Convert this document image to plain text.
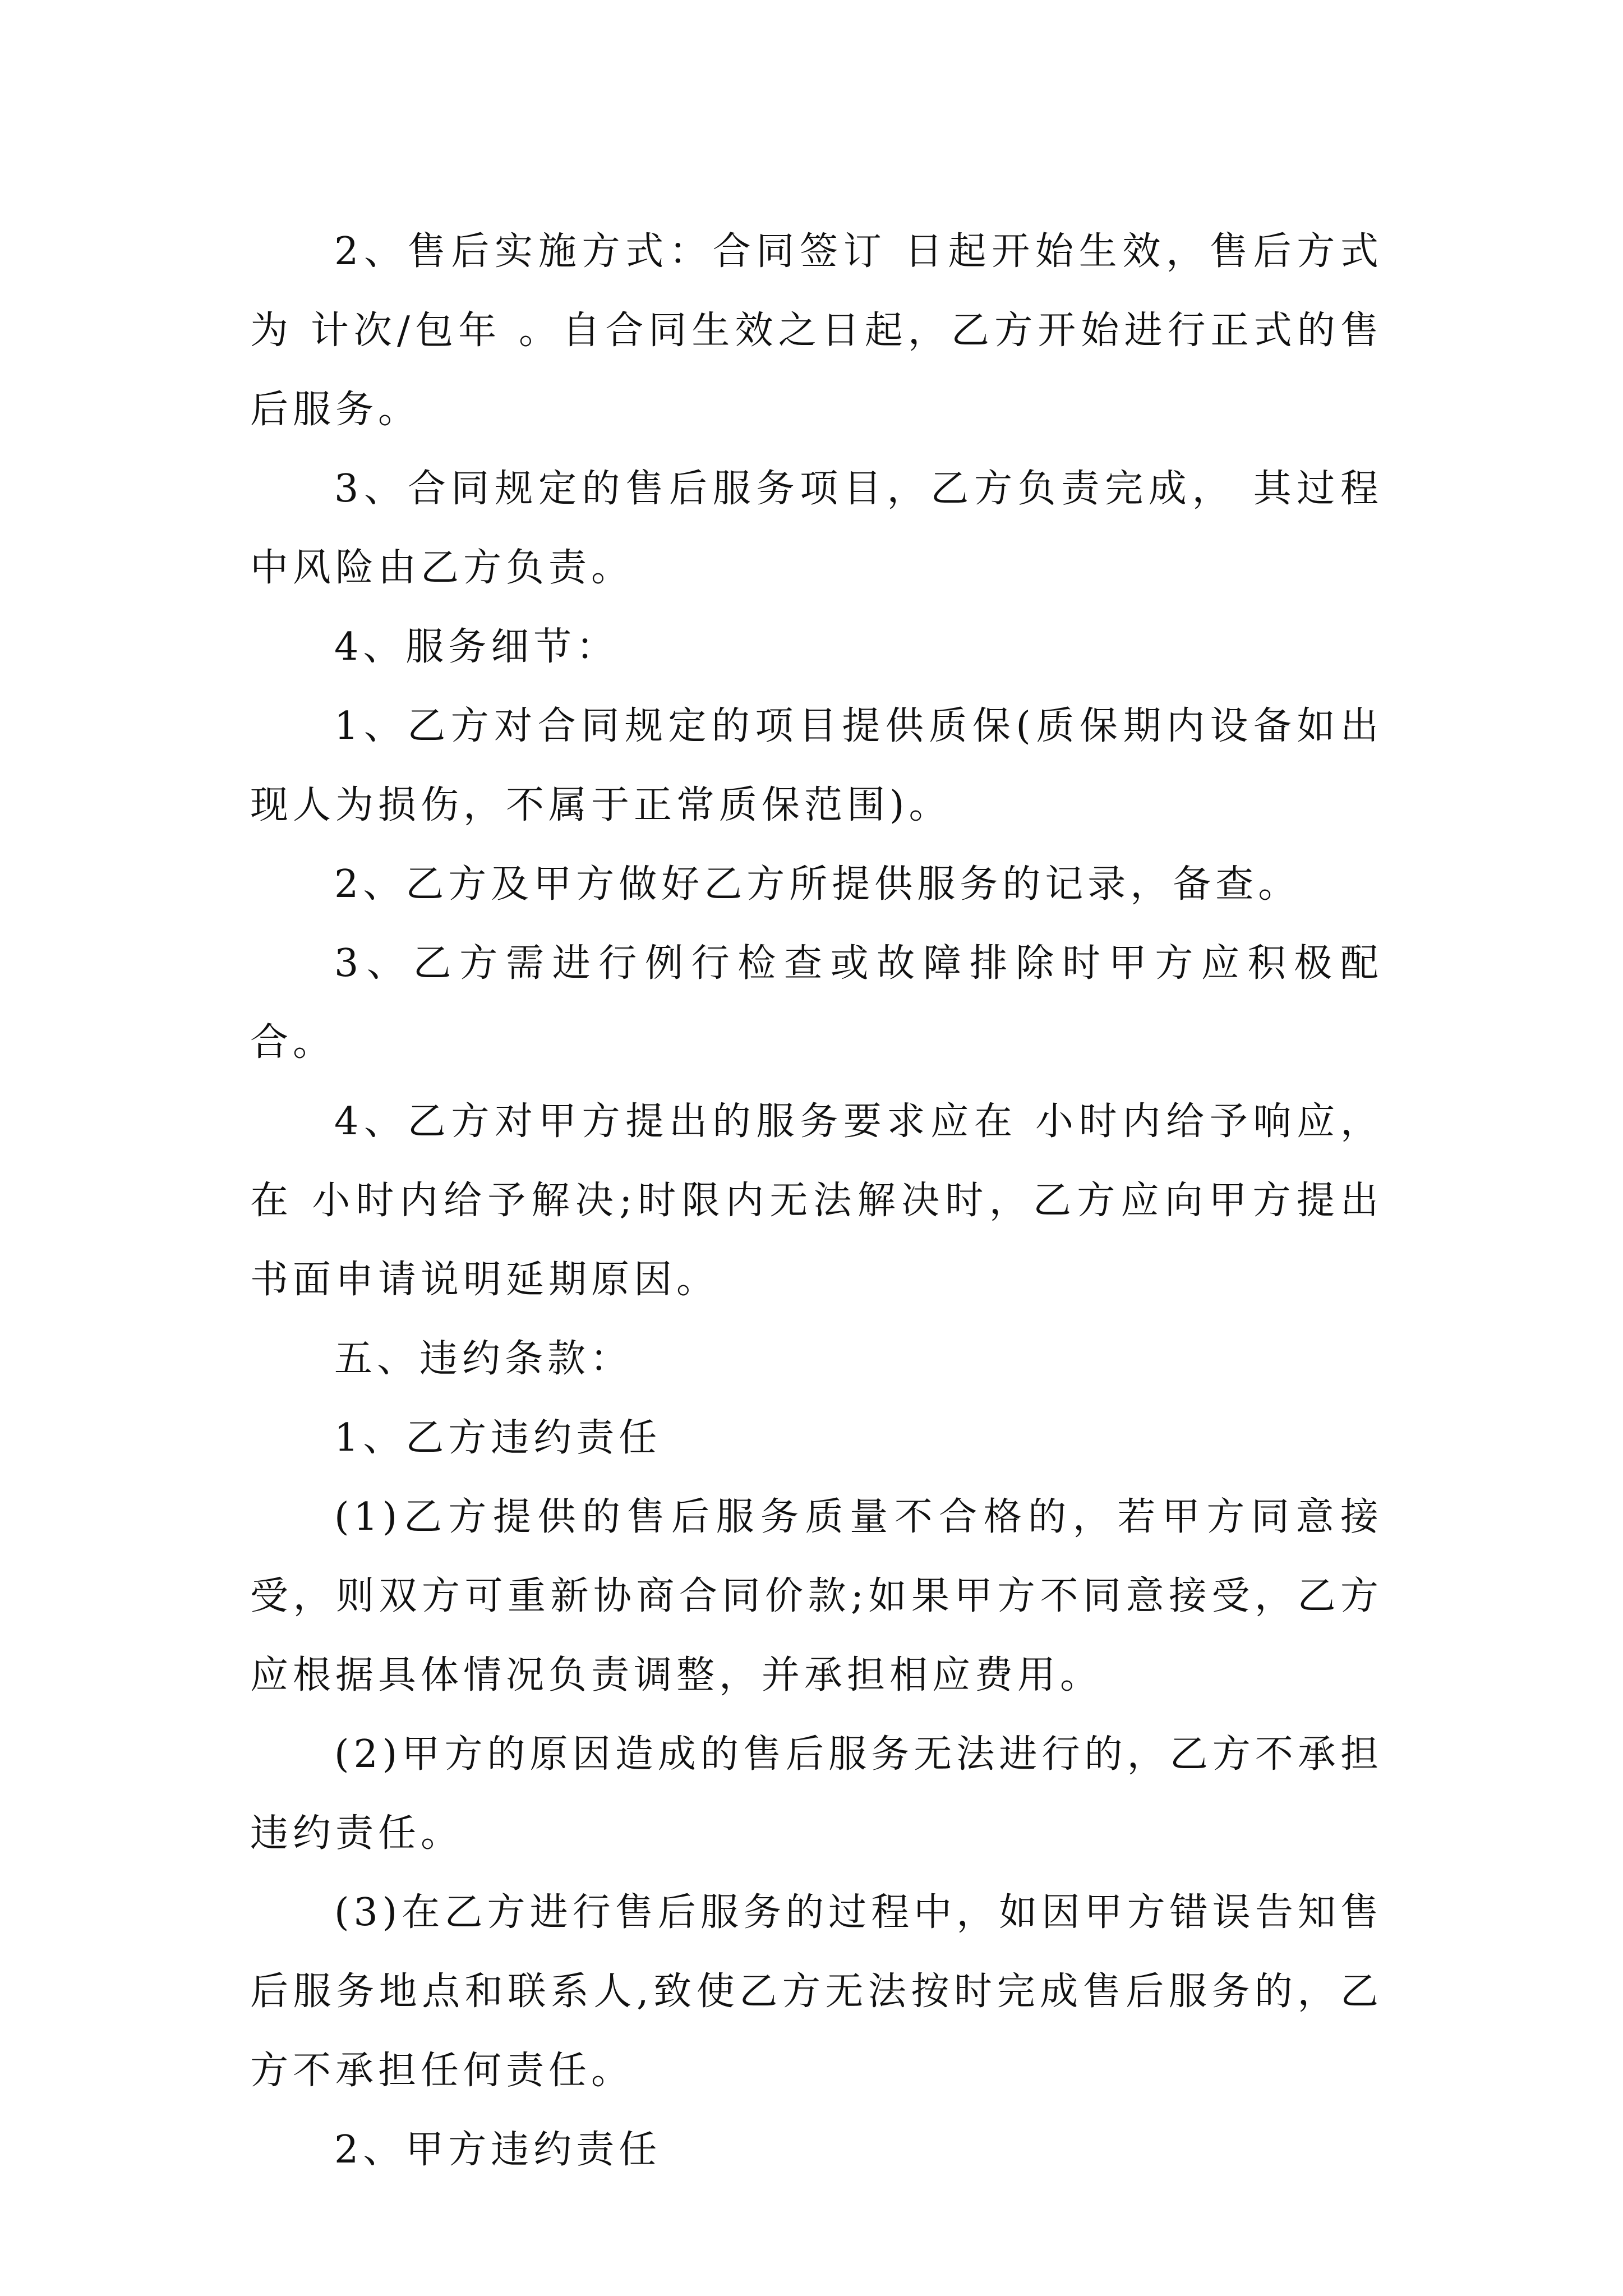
2、售后实施方式：合同签订 日起开始生效，售后方式为 计次/包年 。自合同生效之日起，乙方开始进行正式的售后服务。

3、合同规定的售后服务项目，乙方负责完成， 其过程中风险由乙方负责。

4、服务细节：

1、乙方对合同规定的项目提供质保(质保期内设备如出现人为损伤，不属于正常质保范围)。

2、乙方及甲方做好乙方所提供服务的记录，备查。

3、乙方需进行例行检查或故障排除时甲方应积极配合。

4、乙方对甲方提出的服务要求应在 小时内给予响应，在 小时内给予解决;时限内无法解决时，乙方应向甲方提出书面申请说明延期原因。

五、违约条款：

1、乙方违约责任

(1)乙方提供的售后服务质量不合格的，若甲方同意接受，则双方可重新协商合同价款;如果甲方不同意接受，乙方应根据具体情况负责调整，并承担相应费用。

(2)甲方的原因造成的售后服务无法进行的，乙方不承担违约责任。

(3)在乙方进行售后服务的过程中，如因甲方错误告知售后服务地点和联系人,致使乙方无法按时完成售后服务的，乙方不承担任何责任。

2、甲方违约责任
